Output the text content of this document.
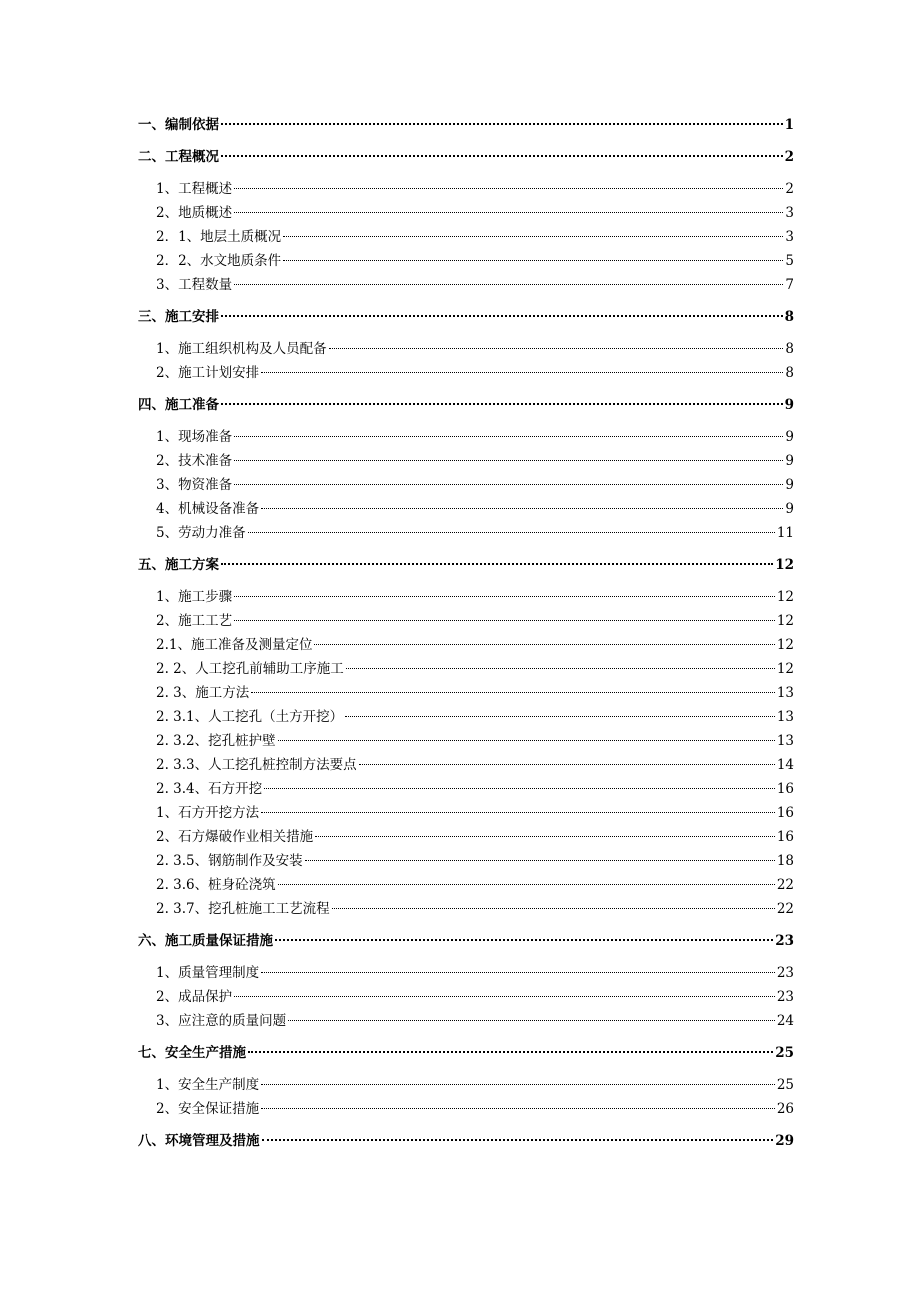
一、编制依据	1
二、工程概况	2
1、工程概述	2
2、地质概述	3
2．1、地层土质概况	3
2．2、水文地质条件	5
3、工程数量	7
三、施工安排	8
1、施工组织机构及人员配备	8
2、施工计划安排	8
四、施工准备	9
1、现场准备	9
2、技术准备	9
3、物资准备	9
4、机械设备准备	9
5、劳动力准备	11
五、施工方案	12
1、施工步骤	12
2、施工工艺	12
2.1、施工准备及测量定位	12
2. 2、人工挖孔前辅助工序施工	12
2. 3、施工方法	13
2. 3.1、人工挖孔（土方开挖）	13
2. 3.2、挖孔桩护壁	13
2. 3.3、人工挖孔桩控制方法要点	14
2. 3.4、石方开挖	16
1、石方开挖方法	16
2、石方爆破作业相关措施	16
2. 3.5、钢筋制作及安装	18
2. 3.6、桩身砼浇筑	22
2. 3.7、挖孔桩施工工艺流程	22
六、施工质量保证措施	23
1、质量管理制度	23
2、成品保护	23
3、应注意的质量问题	24
七、安全生产措施	25
1、安全生产制度	25
2、安全保证措施	26
八、环境管理及措施	29
